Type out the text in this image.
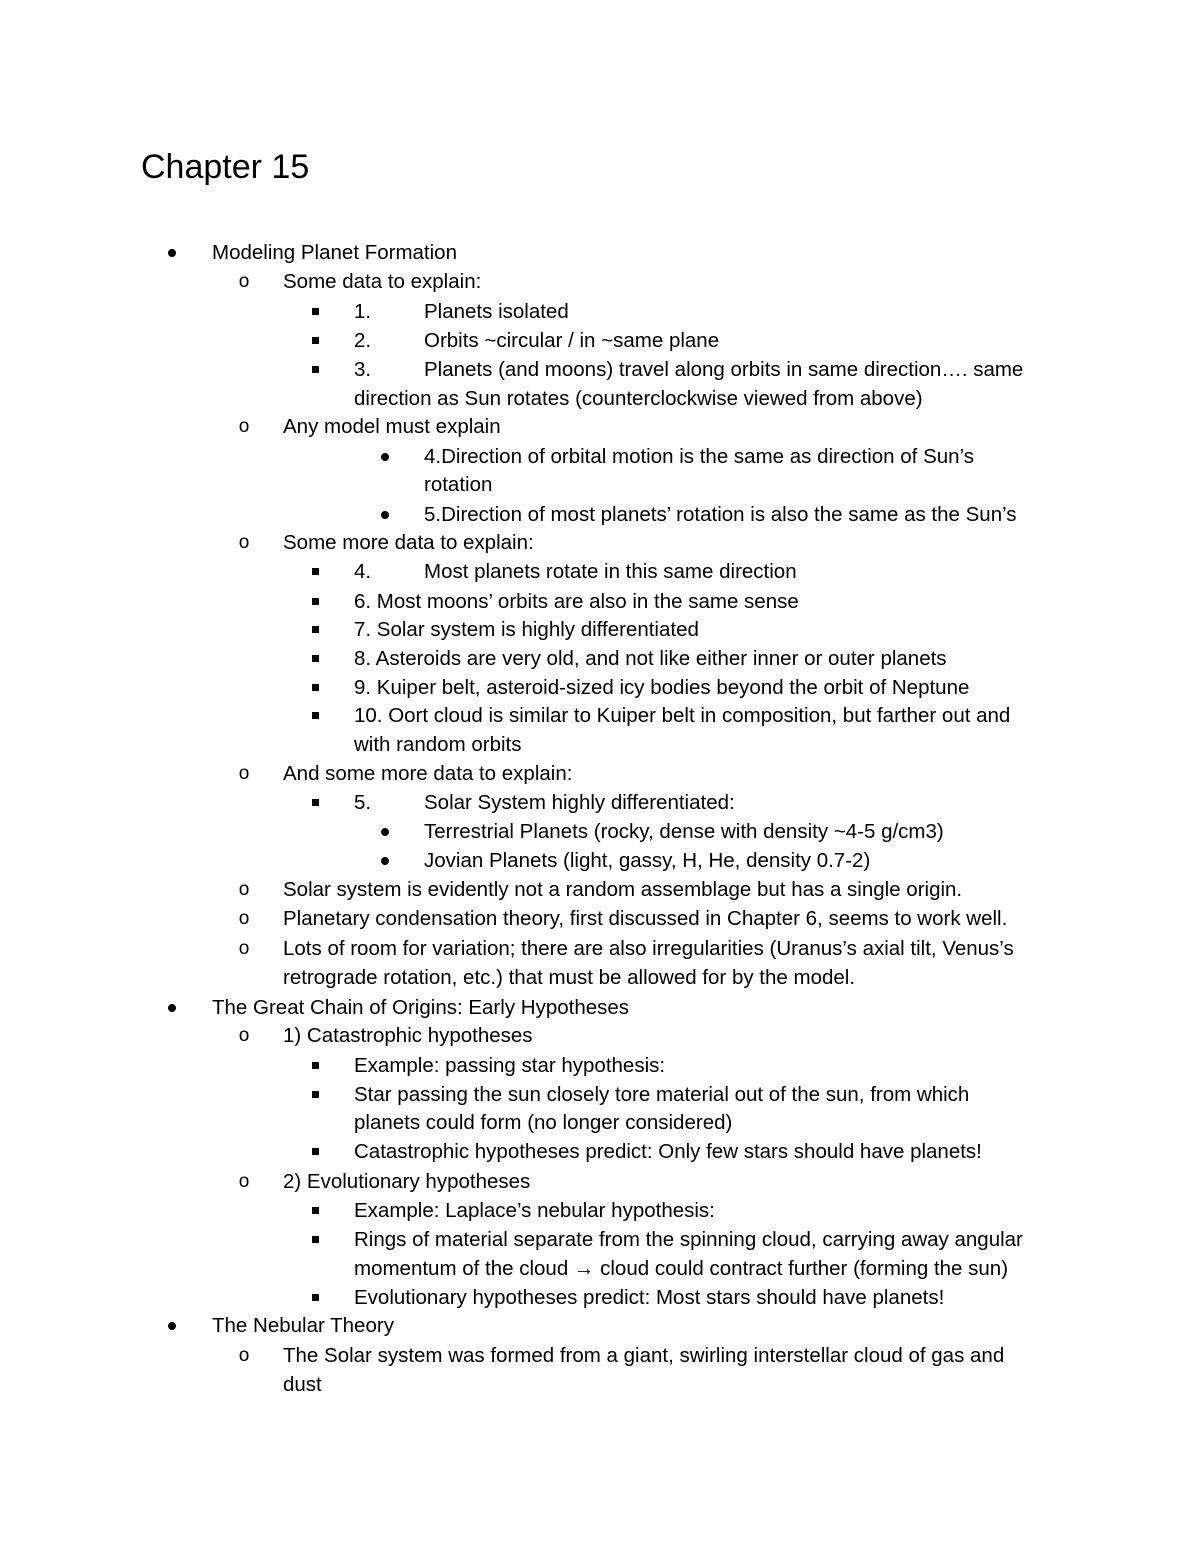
Chapter 15
Modeling Planet Formation
o Some data to explain:
1.	Planets isolated
2.	Orbits ~circular / in ~same plane
3.	Planets (and moons) travel along orbits in same direction…. same
direction as Sun rotates (counterclockwise viewed from above)
o Any model must explain
4.Direction of orbital motion is the same as direction of Sun’s
rotation
5.Direction of most planets’ rotation is also the same as the Sun’s
o Some more data to explain:
4.	Most planets rotate in this same direction
6. Most moons’ orbits are also in the same sense
7. Solar system is highly differentiated
8. Asteroids are very old, and not like either inner or outer planets
9. Kuiper belt, asteroid-sized icy bodies beyond the orbit of Neptune
10. Oort cloud is similar to Kuiper belt in composition, but farther out and
with random orbits
o And some more data to explain:
5.	Solar System highly differentiated:
Terrestrial Planets (rocky, dense with density ~4-5 g/cm3)
Jovian Planets (light, gassy, H, He, density 0.7-2)
o Solar system is evidently not a random assemblage but has a single origin.
o Planetary condensation theory, first discussed in Chapter 6, seems to work well.
o Lots of room for variation; there are also irregularities (Uranus’s axial tilt, Venus’s
retrograde rotation, etc.) that must be allowed for by the model.
The Great Chain of Origins: Early Hypotheses
o 1) Catastrophic hypotheses
Example: passing star hypothesis:
Star passing the sun closely tore material out of the sun, from which
planets could form (no longer considered)
Catastrophic hypotheses predict: Only few stars should have planets!
o 2) Evolutionary hypotheses
Example: Laplace’s nebular hypothesis:
Rings of material separate from the spinning cloud, carrying away angular
momentum of the cloud → cloud could contract further (forming the sun)
Evolutionary hypotheses predict: Most stars should have planets!
The Nebular Theory
o The Solar system was formed from a giant, swirling interstellar cloud of gas and
dust
